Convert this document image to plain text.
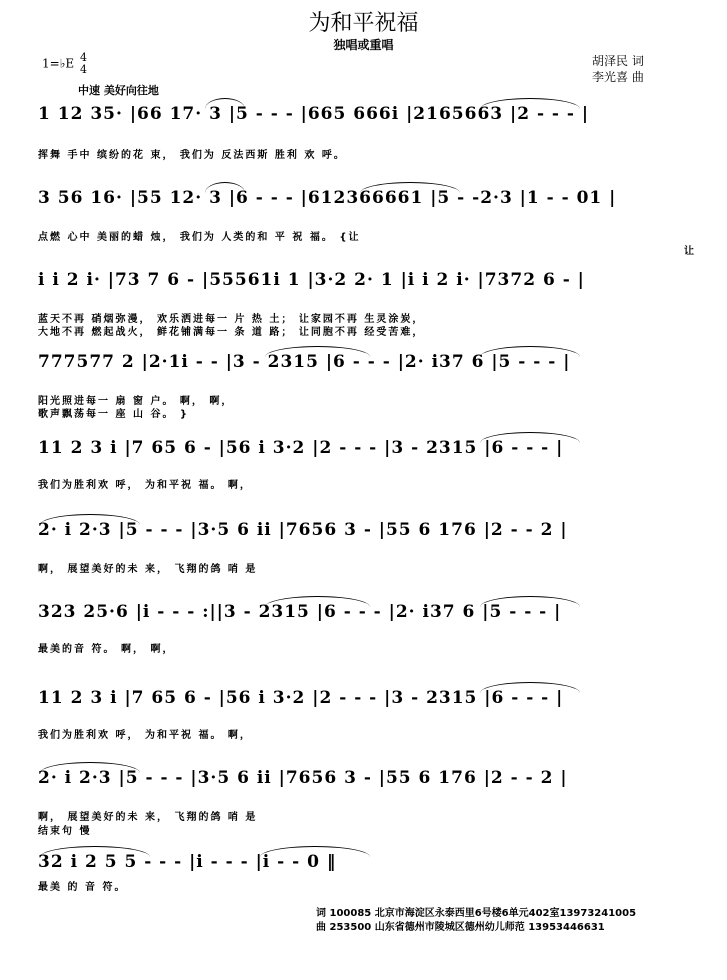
为和平祝福
独唱或重唱
胡泽民 词
李光喜 曲
1=♭E 4
4
中速 美好向往地
1 12 35· |66 17· 3 |5 - - - |665 666i |2165663 |2 - - - |
挥舞 手中 缤纷的花 束， 我们为 反法西斯 胜利 欢 呼。
3 56 16· |55 12· 3 |6 - - - |612366661 |5 - -2·3 |1 - - 01 |
点燃 心中 美丽的蜡 烛， 我们为 人类的和 平 祝 福。 {让
i i 2 i· |73 7 6 - |55561i 1 |3·2 2· 1 |i i 2 i· |7372 6 - |
蓝天不再 硝烟弥漫， 欢乐洒进每一 片 热 土； 让家园不再 生灵涂炭，
大地不再 燃起战火， 鲜花铺满每一 条 道 路； 让同胞不再 经受苦难，
让
777577 2 |2·1i - - |3 - 2315 |6 - - - |2· i37 6 |5 - - - |
阳光照进每一 扇 窗 户。 啊， 啊，
歌声飘荡每一 座 山 谷。 }
11 2 3 i |7 65 6 - |56 i 3·2 |2 - - - |3 - 2315 |6 - - - |
我们为胜利欢 呼， 为和平祝 福。 啊，
2· i 2·3 |5 - - - |3·5 6 ii |7656 3 - |55 6 176 |2 - - 2 |
啊， 展望美好的未 来， 飞翔的鸽 哨 是
323 25·6 |i - - - :||3 - 2315 |6 - - - |2· i37 6 |5 - - - |
最美的音 符。 啊， 啊，
11 2 3 i |7 65 6 - |56 i 3·2 |2 - - - |3 - 2315 |6 - - - |
我们为胜利欢 呼， 为和平祝 福。 啊，
2· i 2·3 |5 - - - |3·5 6 ii |7656 3 - |55 6 176 |2 - - 2 |
啊， 展望美好的未 来， 飞翔的鸽 哨 是
结束句 慢
32 i 2 5 5 - - - |i - - - |i - - 0 ‖
最美 的 音 符。
词 100085 北京市海淀区永泰西里6号楼6单元402室13973241005
曲 253500 山东省德州市陵城区德州幼儿师范 13953446631
